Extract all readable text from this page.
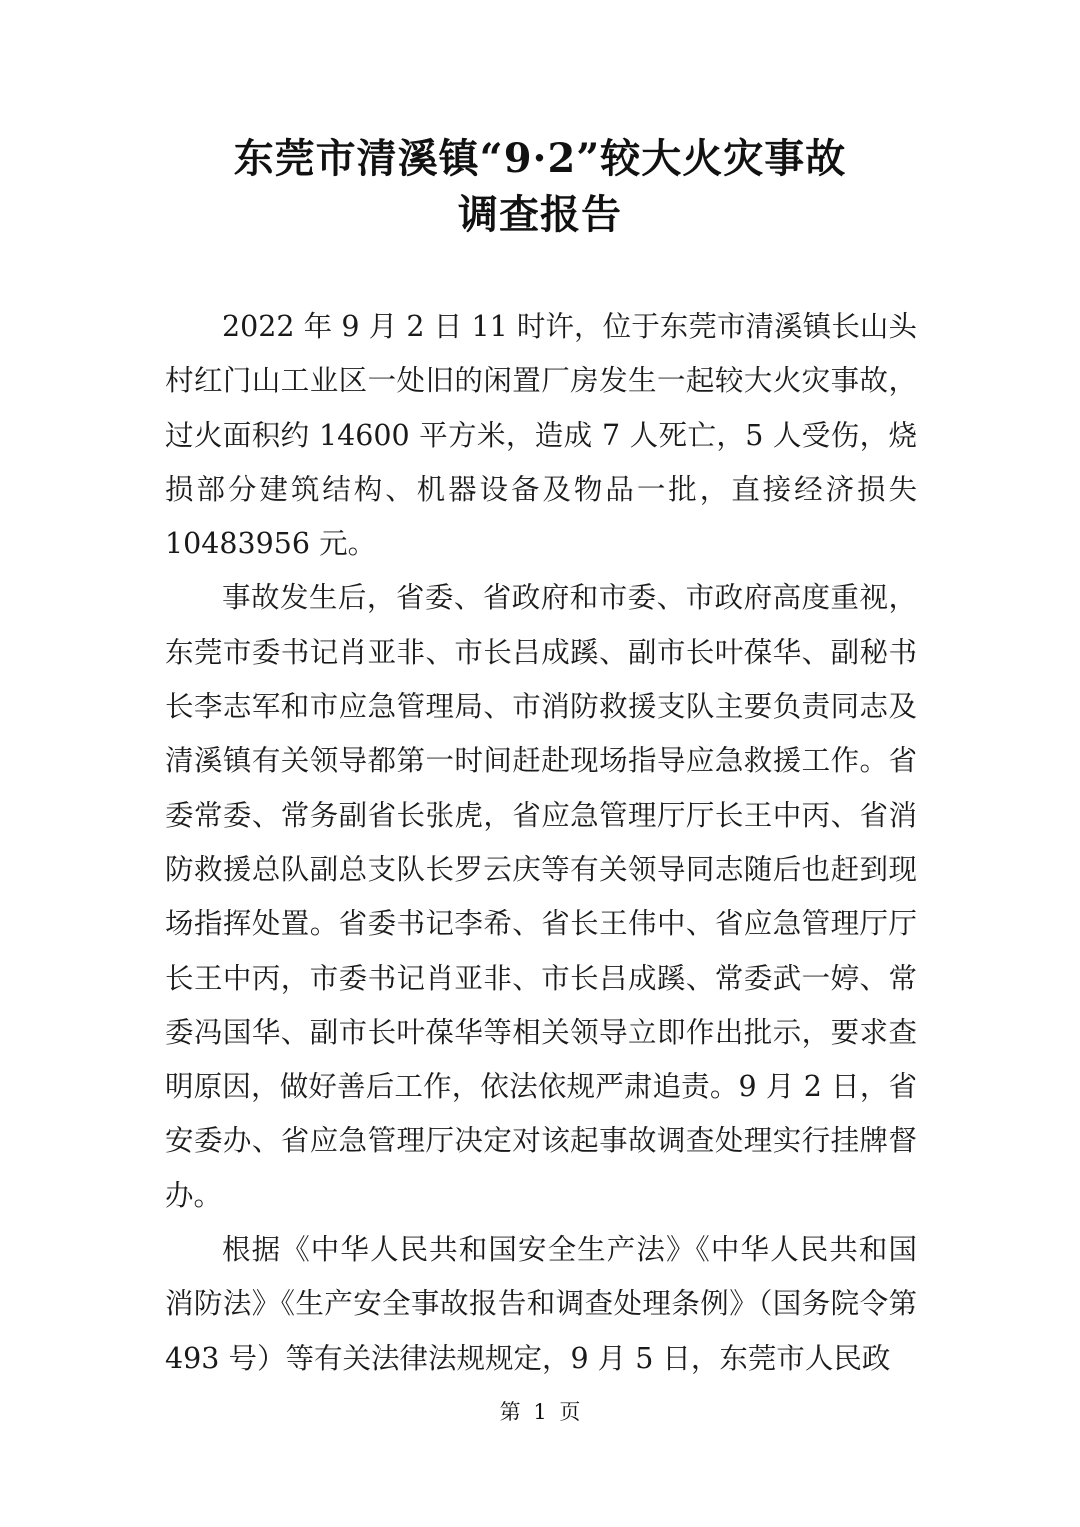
东莞市清溪镇“9·2”较大火灾事故
调查报告

2022 年 9 月 2 日 11 时许，位于东莞市清溪镇长山头村红门山工业区一处旧的闲置厂房发生一起较大火灾事故，过火面积约 14600 平方米，造成 7 人死亡，5 人受伤，烧损部分建筑结构、机器设备及物品一批，直接经济损失 10483956 元。

事故发生后，省委、省政府和市委、市政府高度重视，东莞市委书记肖亚非、市长吕成蹊、副市长叶葆华、副秘书长李志军和市应急管理局、市消防救援支队主要负责同志及清溪镇有关领导都第一时间赶赴现场指导应急救援工作。省委常委、常务副省长张虎，省应急管理厅厅长王中丙、省消防救援总队副总支队长罗云庆等有关领导同志随后也赶到现场指挥处置。省委书记李希、省长王伟中、省应急管理厅厅长王中丙，市委书记肖亚非、市长吕成蹊、常委武一婷、常委冯国华、副市长叶葆华等相关领导立即作出批示，要求查明原因，做好善后工作，依法依规严肃追责。9 月 2 日，省安委办、省应急管理厅决定对该起事故调查处理实行挂牌督办。

根据《中华人民共和国安全生产法》《中华人民共和国消防法》《生产安全事故报告和调查处理条例》（国务院令第 493 号）等有关法律法规规定，9 月 5 日，东莞市人民政

第 1 页
